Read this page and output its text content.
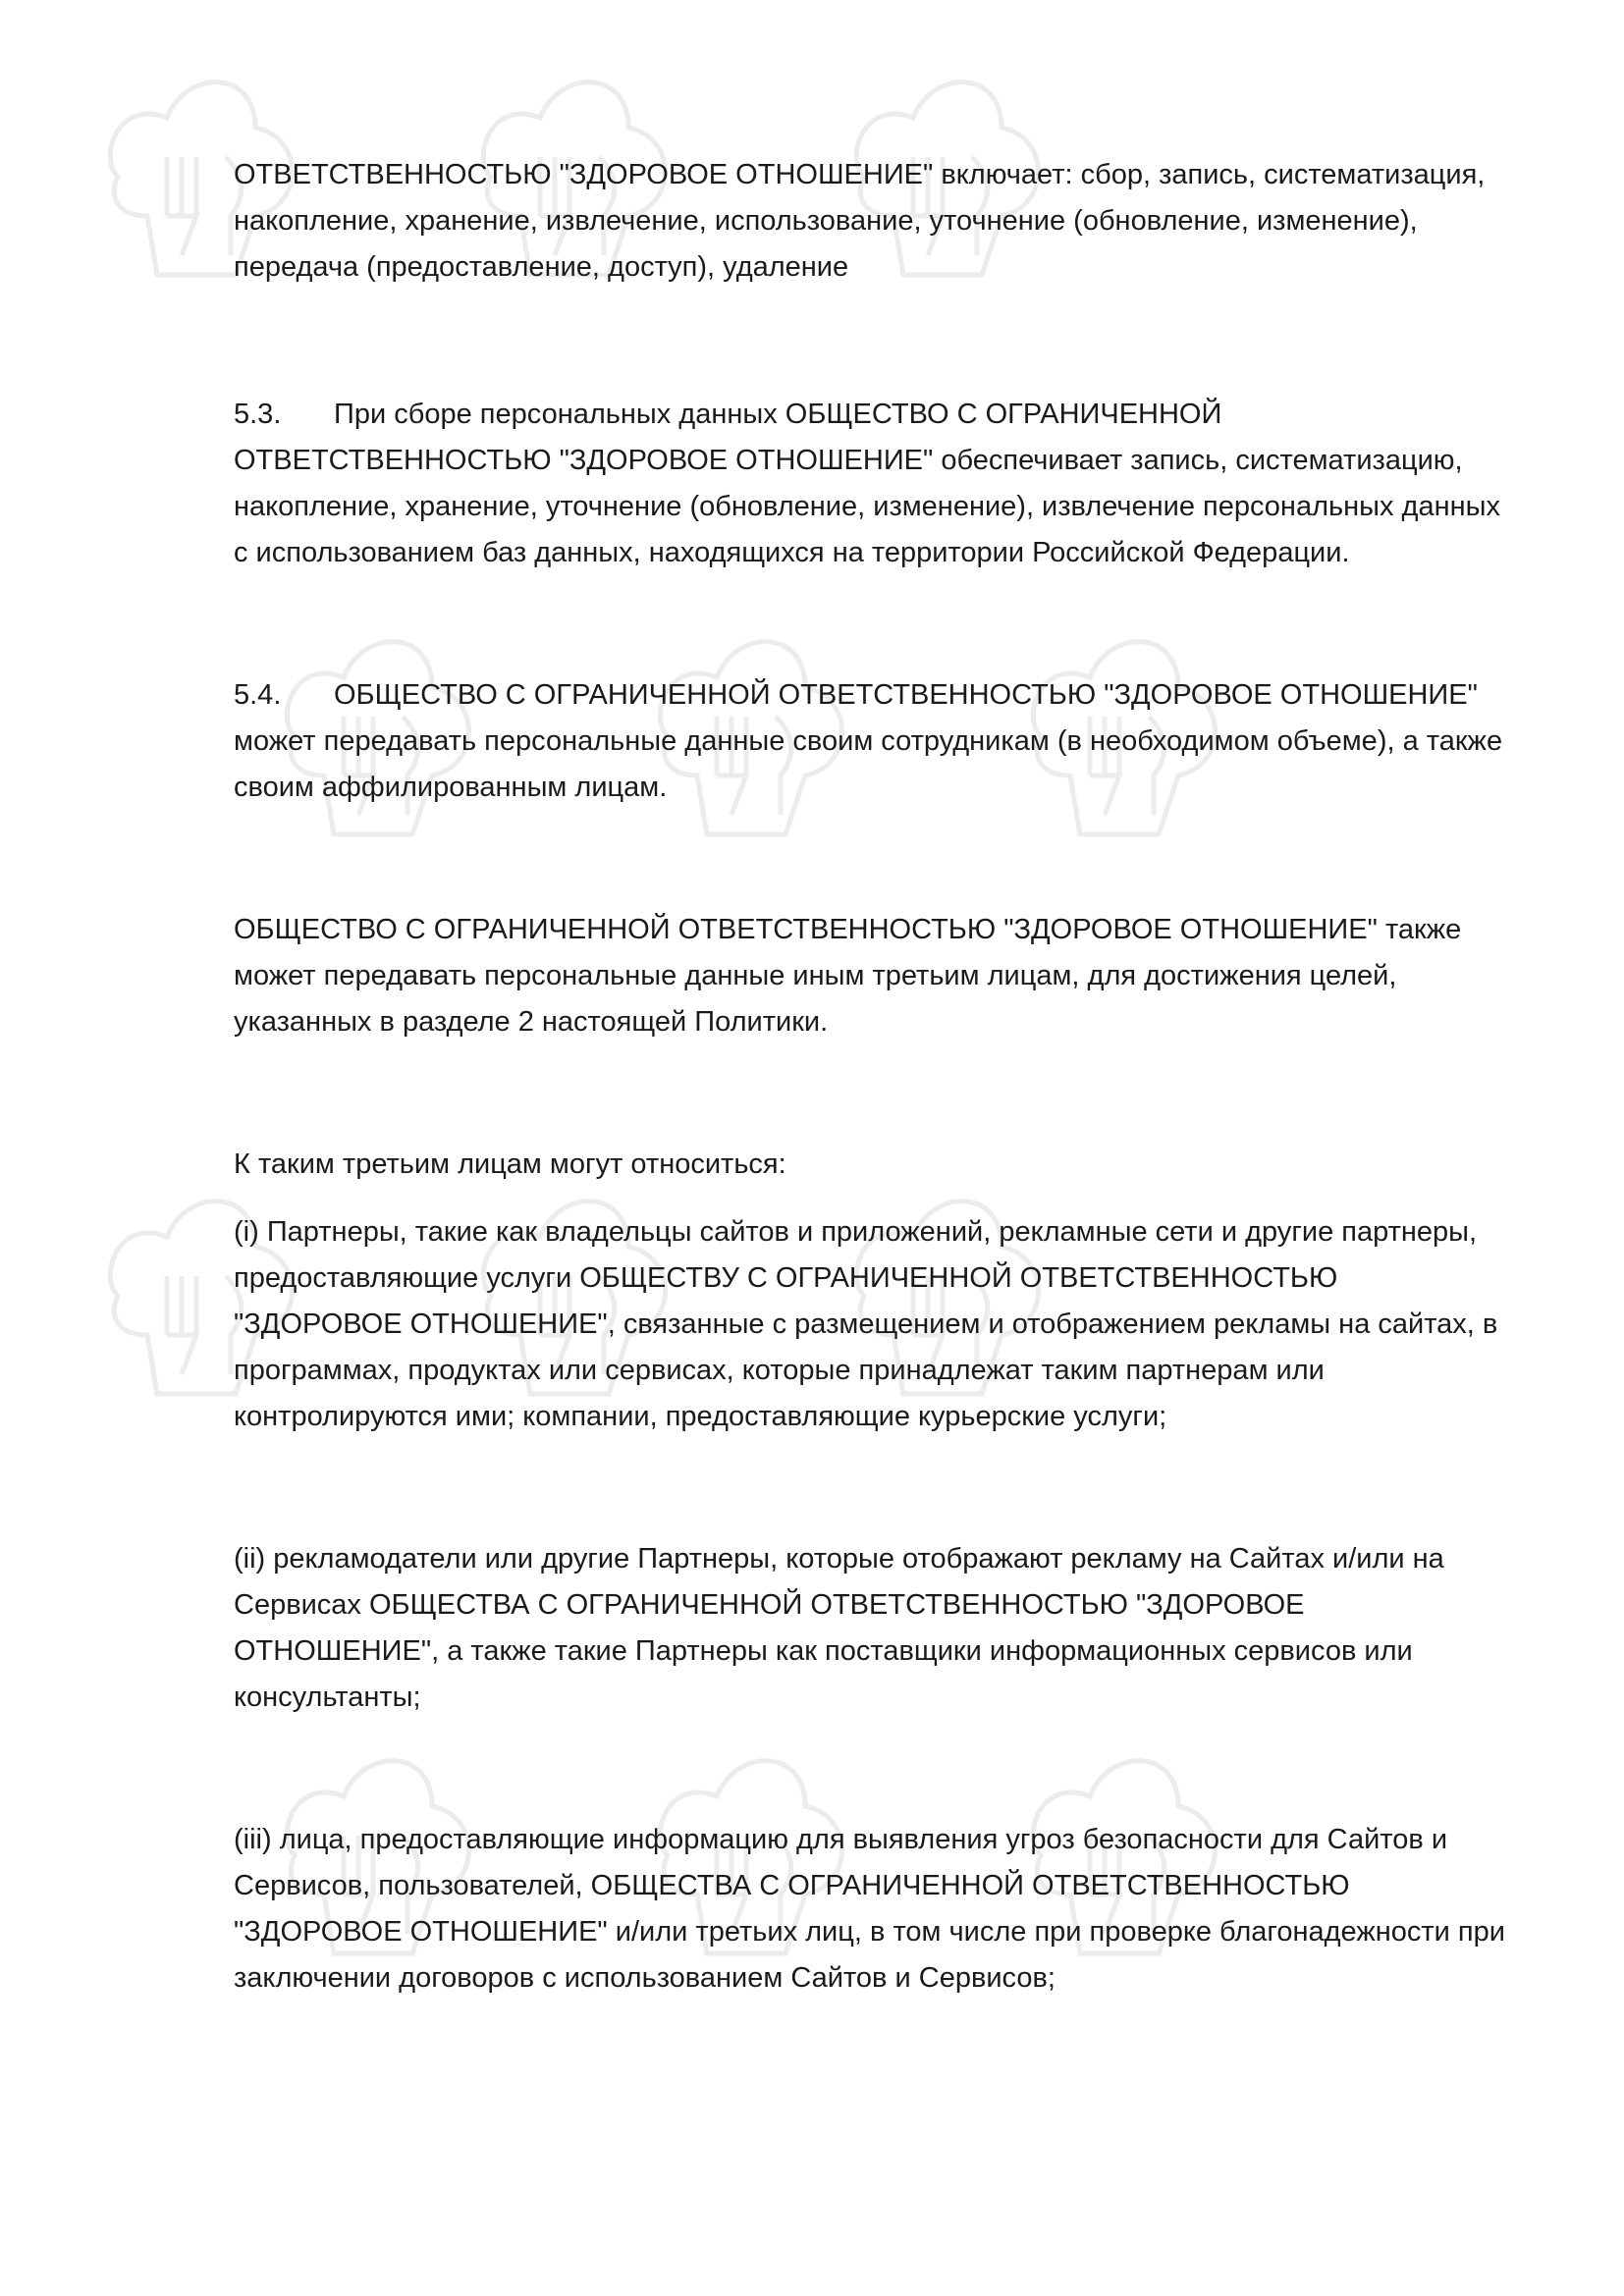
ОТВЕТСТВЕННОСТЬЮ "ЗДОРОВОЕ ОТНОШЕНИЕ" включает: сбор, запись, систематизация, накопление, хранение, извлечение, использование, уточнение (обновление, изменение), передача (предоставление, доступ), удаление

5.3. При сборе персональных данных ОБЩЕСТВО С ОГРАНИЧЕННОЙ ОТВЕТСТВЕННОСТЬЮ "ЗДОРОВОЕ ОТНОШЕНИЕ" обеспечивает запись, систематизацию, накопление, хранение, уточнение (обновление, изменение), извлечение персональных данных с использованием баз данных, находящихся на территории Российской Федерации.

5.4. ОБЩЕСТВО С ОГРАНИЧЕННОЙ ОТВЕТСТВЕННОСТЬЮ "ЗДОРОВОЕ ОТНОШЕНИЕ" может передавать персональные данные своим сотрудникам (в необходимом объеме), а также своим аффилированным лицам.

ОБЩЕСТВО С ОГРАНИЧЕННОЙ ОТВЕТСТВЕННОСТЬЮ "ЗДОРОВОЕ ОТНОШЕНИЕ" также может передавать персональные данные иным третьим лицам, для достижения целей, указанных в разделе 2 настоящей Политики.

К таким третьим лицам могут относиться:

(i) Партнеры, такие как владельцы сайтов и приложений, рекламные сети и другие партнеры, предоставляющие услуги ОБЩЕСТВУ С ОГРАНИЧЕННОЙ ОТВЕТСТВЕННОСТЬЮ "ЗДОРОВОЕ ОТНОШЕНИЕ", связанные с размещением и отображением рекламы на сайтах, в программах, продуктах или сервисах, которые принадлежат таким партнерам или контролируются ими; компании, предоставляющие курьерские услуги;

(ii) рекламодатели или другие Партнеры, которые отображают рекламу на Сайтах и/или на Сервисах ОБЩЕСТВА С ОГРАНИЧЕННОЙ ОТВЕТСТВЕННОСТЬЮ "ЗДОРОВОЕ ОТНОШЕНИЕ", а также такие Партнеры как поставщики информационных сервисов или консультанты;

(iii) лица, предоставляющие информацию для выявления угроз безопасности для Сайтов и Сервисов, пользователей, ОБЩЕСТВА С ОГРАНИЧЕННОЙ ОТВЕТСТВЕННОСТЬЮ "ЗДОРОВОЕ ОТНОШЕНИЕ" и/или третьих лиц, в том числе при проверке благонадежности при заключении договоров с использованием Сайтов и Сервисов;
